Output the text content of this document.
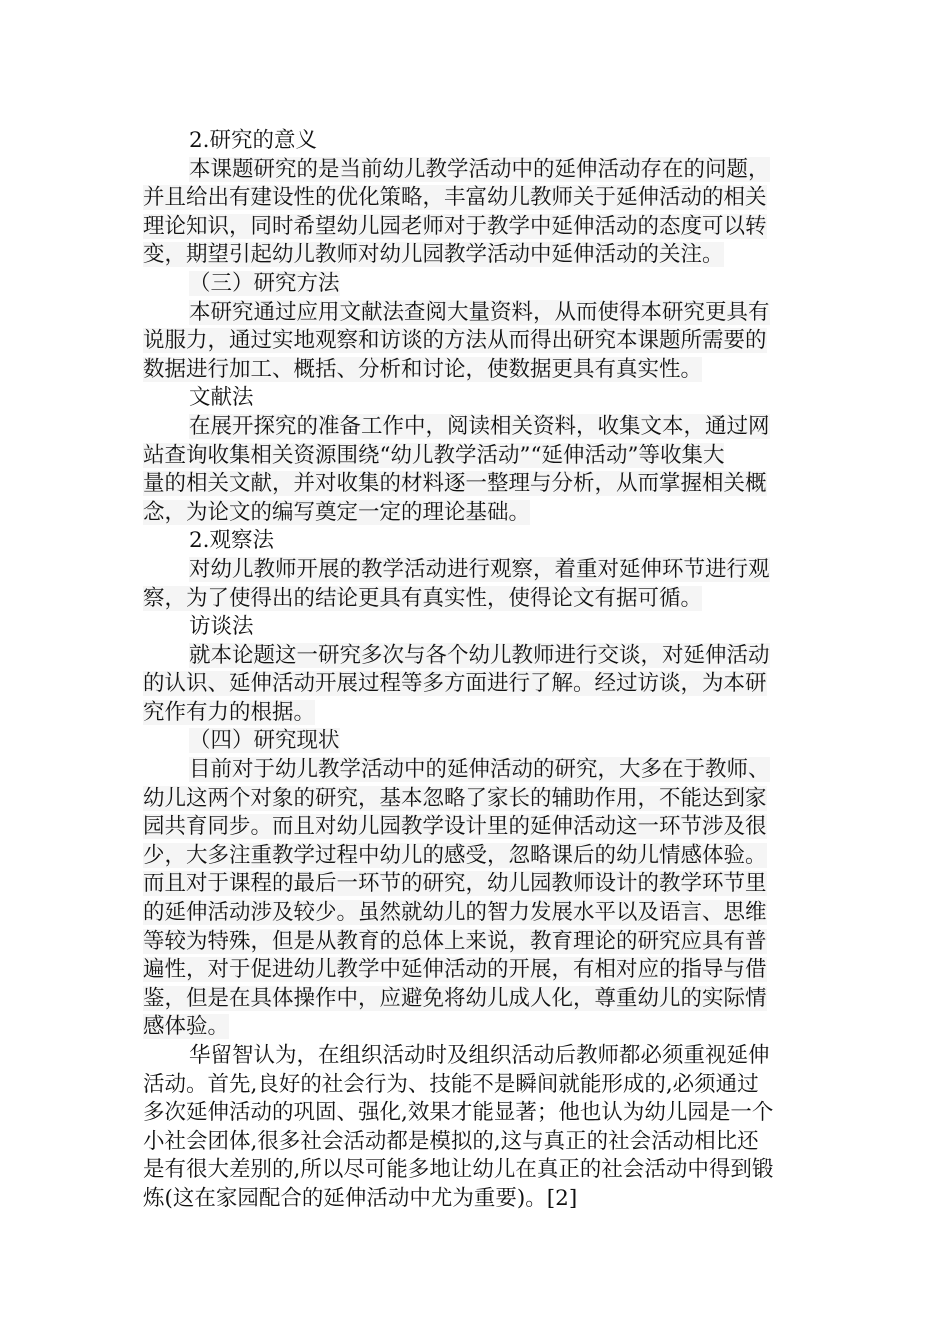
2.研究的意义
本课题研究的是当前幼儿教学活动中的延伸活动存在的问题，
并且给出有建设性的优化策略，丰富幼儿教师关于延伸活动的相关
理论知识，同时希望幼儿园老师对于教学中延伸活动的态度可以转
变，期望引起幼儿教师对幼儿园教学活动中延伸活动的关注。
（三）研究方法
本研究通过应用文献法查阅大量资料，从而使得本研究更具有
说服力，通过实地观察和访谈的方法从而得出研究本课题所需要的
数据进行加工、概括、分析和讨论，使数据更具有真实性。
文献法
在展开探究的准备工作中，阅读相关资料，收集文本，通过网
站查询收集相关资源围绕“幼儿教学活动”“延伸活动”等收集大
量的相关文献，并对收集的材料逐一整理与分析，从而掌握相关概
念，为论文的编写奠定一定的理论基础。
2.观察法
对幼儿教师开展的教学活动进行观察，着重对延伸环节进行观
察，为了使得出的结论更具有真实性，使得论文有据可循。
访谈法
就本论题这一研究多次与各个幼儿教师进行交谈，对延伸活动
的认识、延伸活动开展过程等多方面进行了解。经过访谈，为本研
究作有力的根据。
（四）研究现状
目前对于幼儿教学活动中的延伸活动的研究，大多在于教师、
幼儿这两个对象的研究，基本忽略了家长的辅助作用，不能达到家
园共育同步。而且对幼儿园教学设计里的延伸活动这一环节涉及很
少，大多注重教学过程中幼儿的感受，忽略课后的幼儿情感体验。
而且对于课程的最后一环节的研究，幼儿园教师设计的教学环节里
的延伸活动涉及较少。虽然就幼儿的智力发展水平以及语言、思维
等较为特殊，但是从教育的总体上来说，教育理论的研究应具有普
遍性，对于促进幼儿教学中延伸活动的开展，有相对应的指导与借
鉴，但是在具体操作中，应避免将幼儿成人化，尊重幼儿的实际情
感体验。
华留智认为，在组织活动时及组织活动后教师都必须重视延伸
活动。首先,良好的社会行为、技能不是瞬间就能形成的,必须通过
多次延伸活动的巩固、强化,效果才能显著；他也认为幼儿园是一个
小社会团体,很多社会活动都是模拟的,这与真正的社会活动相比还
是有很大差别的,所以尽可能多地让幼儿在真正的社会活动中得到锻
炼(这在家园配合的延伸活动中尤为重要)。[2]
